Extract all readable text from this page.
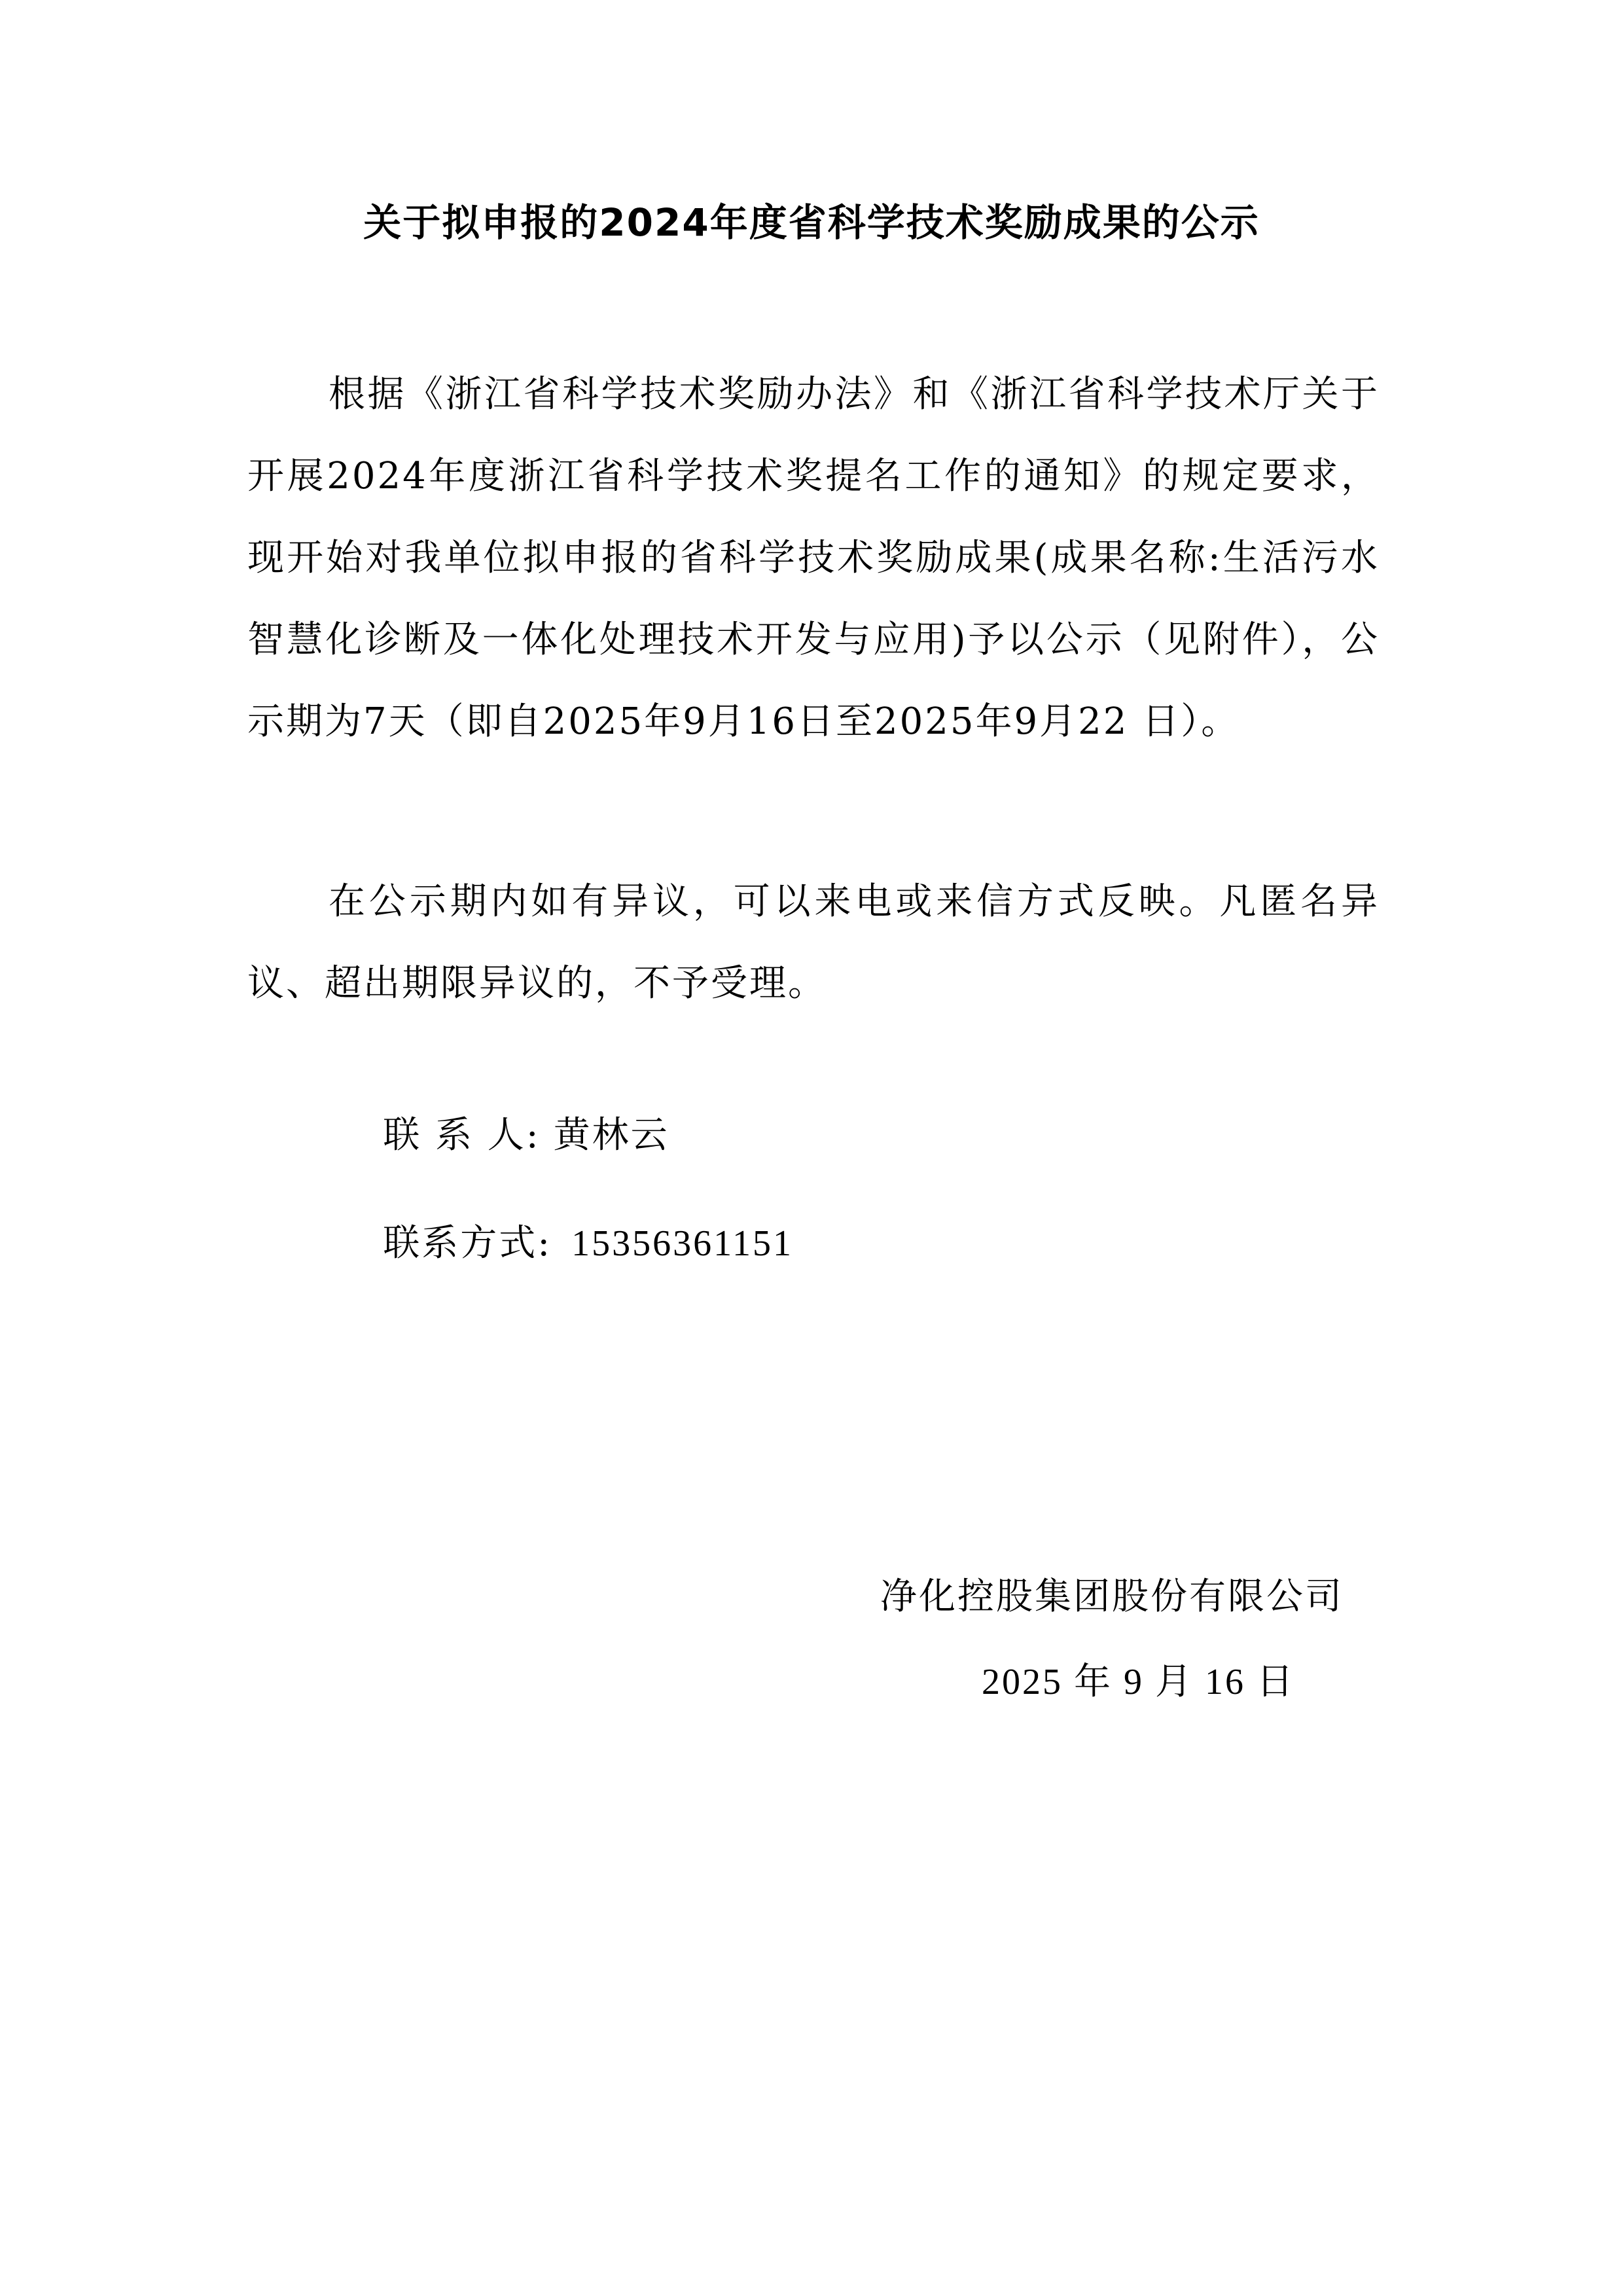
关于拟申报的2024年度省科学技术奖励成果的公示

根据《浙江省科学技术奖励办法》和《浙江省科学技术厅关于开展2024年度浙江省科学技术奖提名工作的通知》的规定要求，现开始对我单位拟申报的省科学技术奖励成果(成果名称:生活污水智慧化诊断及一体化处理技术开发与应用)予以公示（见附件），公示期为7天（即自2025年9月16日至2025年9月22 日）。

在公示期内如有异议，可以来电或来信方式反映。凡匿名异议、超出期限异议的，不予受理。

联 系 人: 黄林云

联系方式: 15356361151

净化控股集团股份有限公司
2025 年 9 月 16 日
